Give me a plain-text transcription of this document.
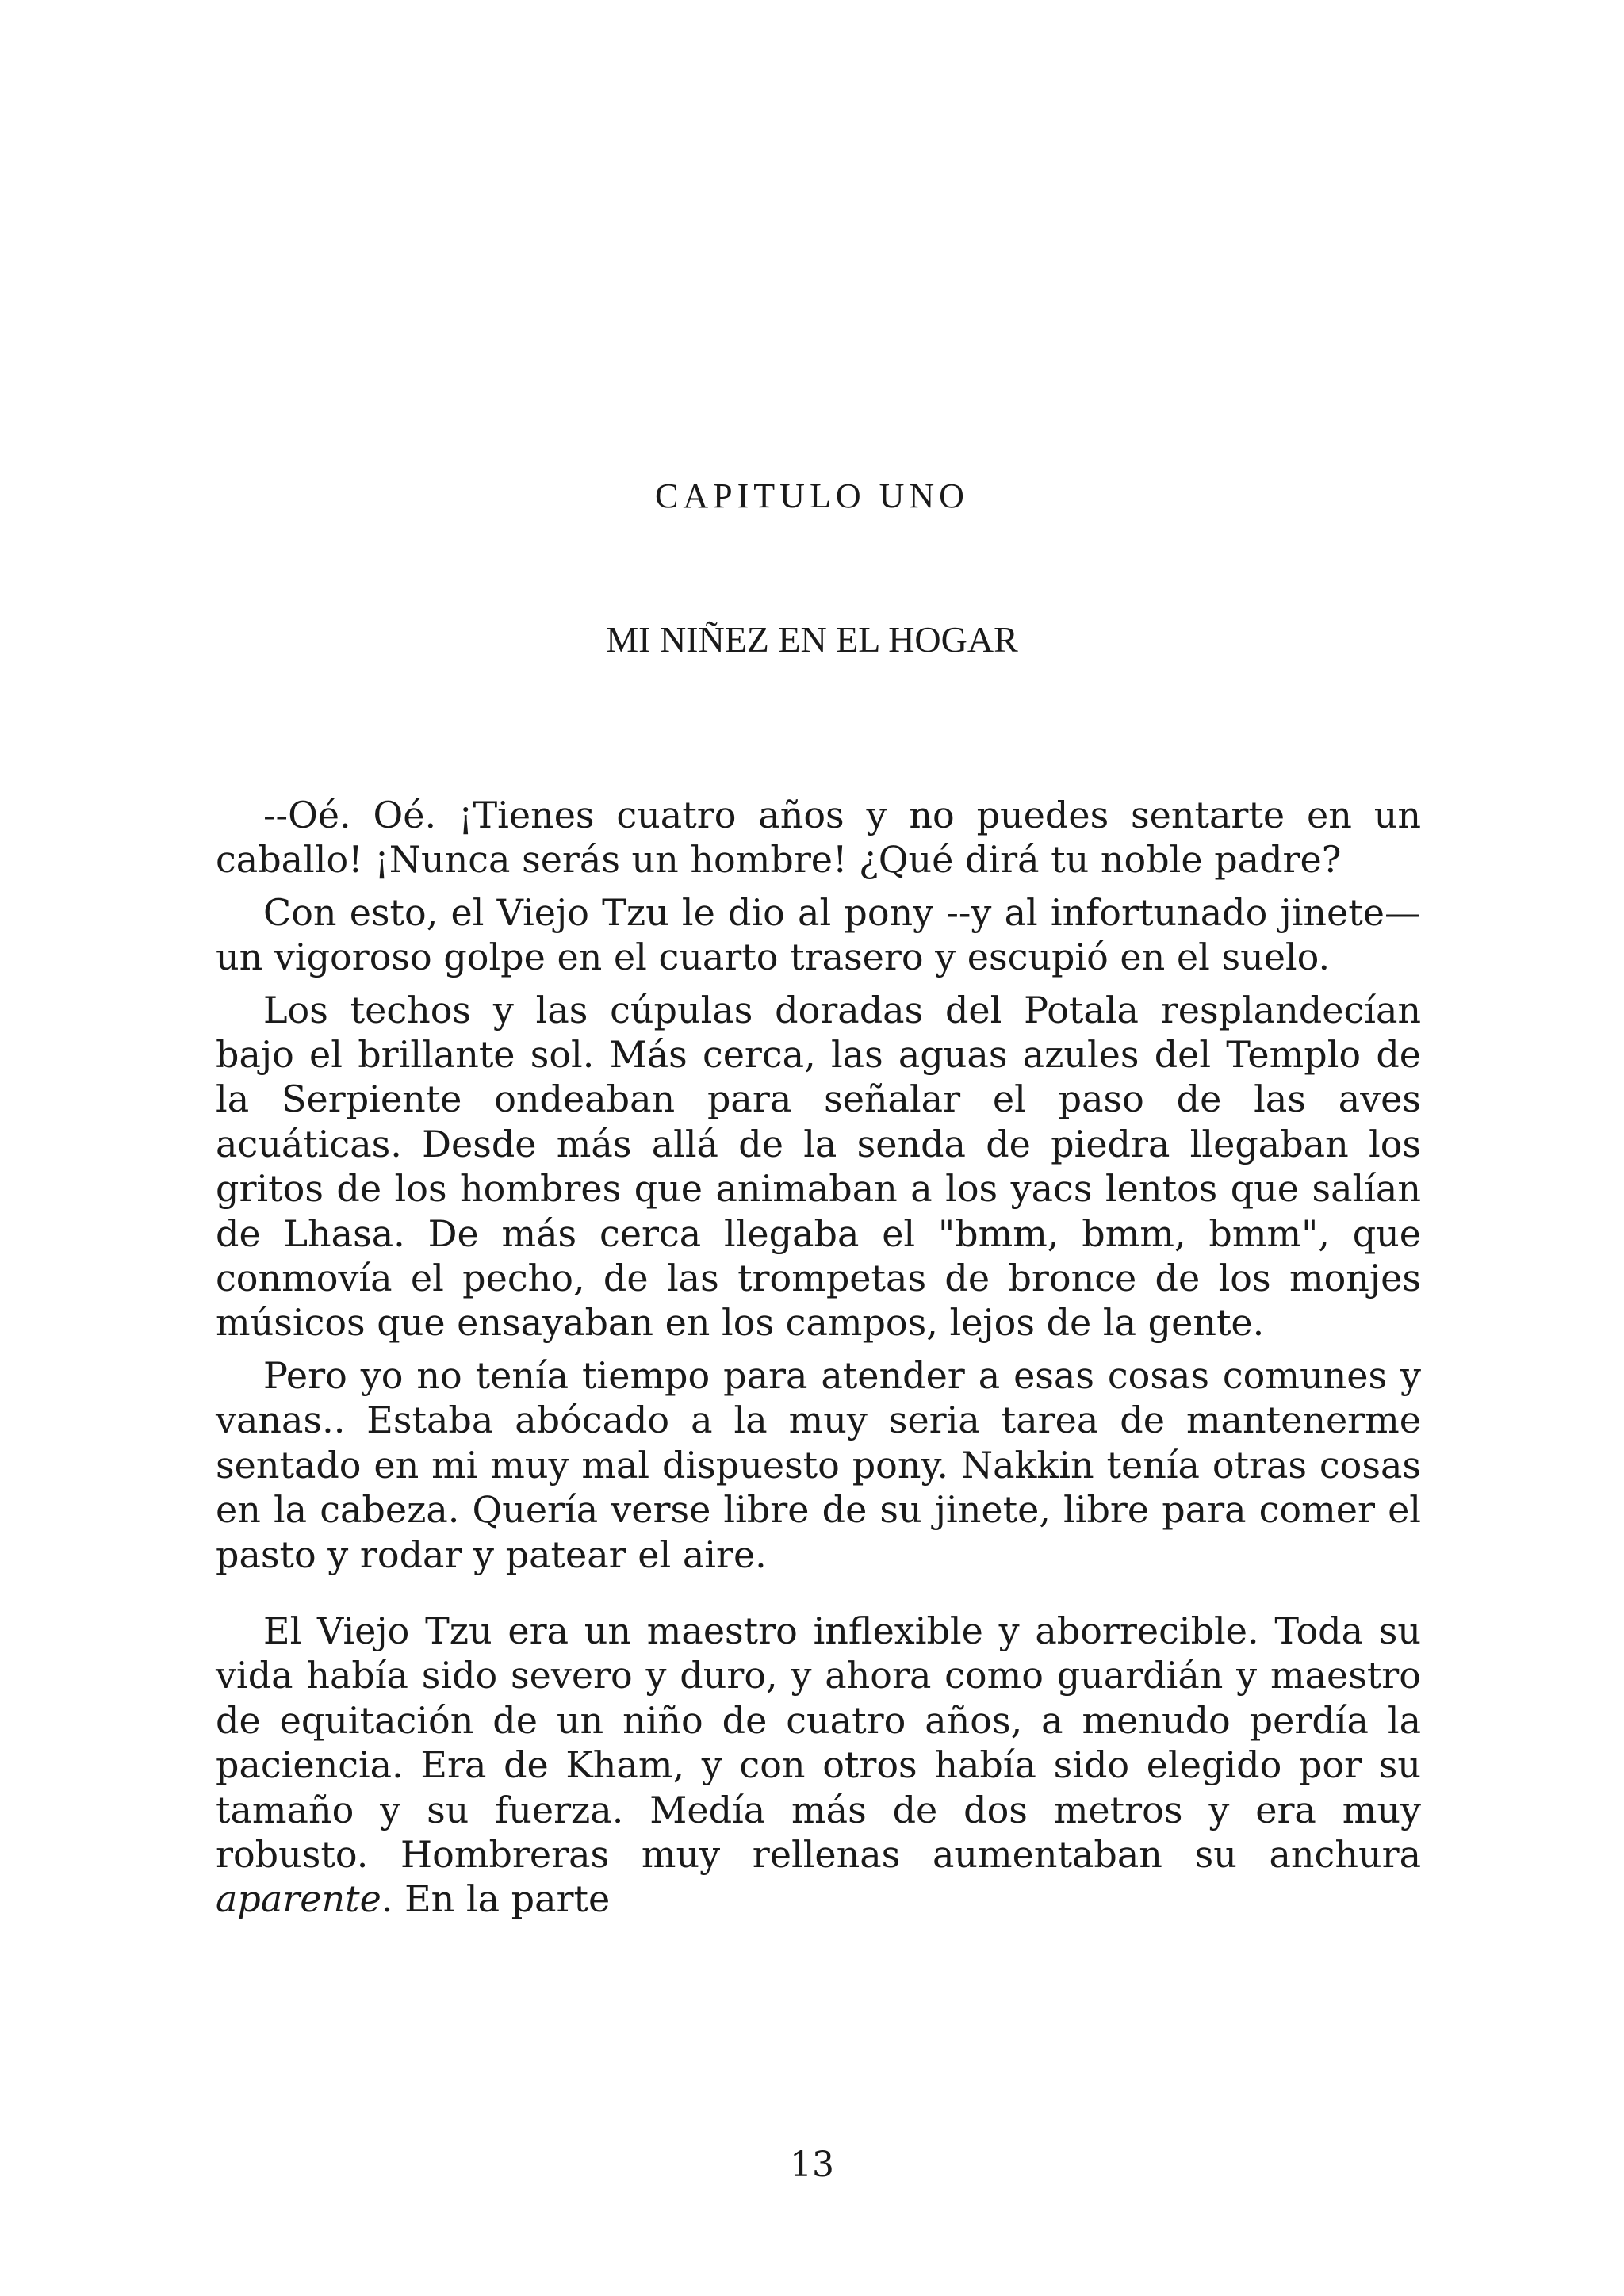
CAPITULO UNO
MI NIÑEZ EN EL HOGAR

--Oé. Oé. ¡Tienes cuatro años y no puedes sentarte en un caballo! ¡Nunca serás un hombre! ¿Qué dirá tu noble padre?

Con esto, el Viejo Tzu le dio al pony --y al infortunado jinete— un vigoroso golpe en el cuarto trasero y escupió en el suelo.

Los techos y las cúpulas doradas del Potala resplandecían bajo el brillante sol. Más cerca, las aguas azules del Templo de la Serpiente ondeaban para señalar el paso de las aves acuáticas. Desde más allá de la senda de piedra llegaban los gritos de los hombres que animaban a los yacs lentos que salían de Lhasa. De más cerca llegaba el "bmm, bmm, bmm", que conmovía el pecho, de las trompetas de bronce de los monjes músicos que ensayaban en los campos, lejos de la gente.

Pero yo no tenía tiempo para atender a esas cosas comunes y vanas.. Estaba abócado a la muy seria tarea de mantenerme sentado en mi muy mal dispuesto pony. Nakkin tenía otras cosas en la cabeza. Quería verse libre de su jinete, libre para comer el pasto y rodar y patear el aire.

El Viejo Tzu era un maestro inflexible y aborrecible. Toda su vida había sido severo y duro, y ahora como guardián y maestro de equitación de un niño de cuatro años, a menudo perdía la paciencia. Era de Kham, y con otros había sido elegido por su tamaño y su fuerza. Medía más de dos metros y era muy robusto. Hombreras muy rellenas aumentaban su anchura aparente. En la parte

13
